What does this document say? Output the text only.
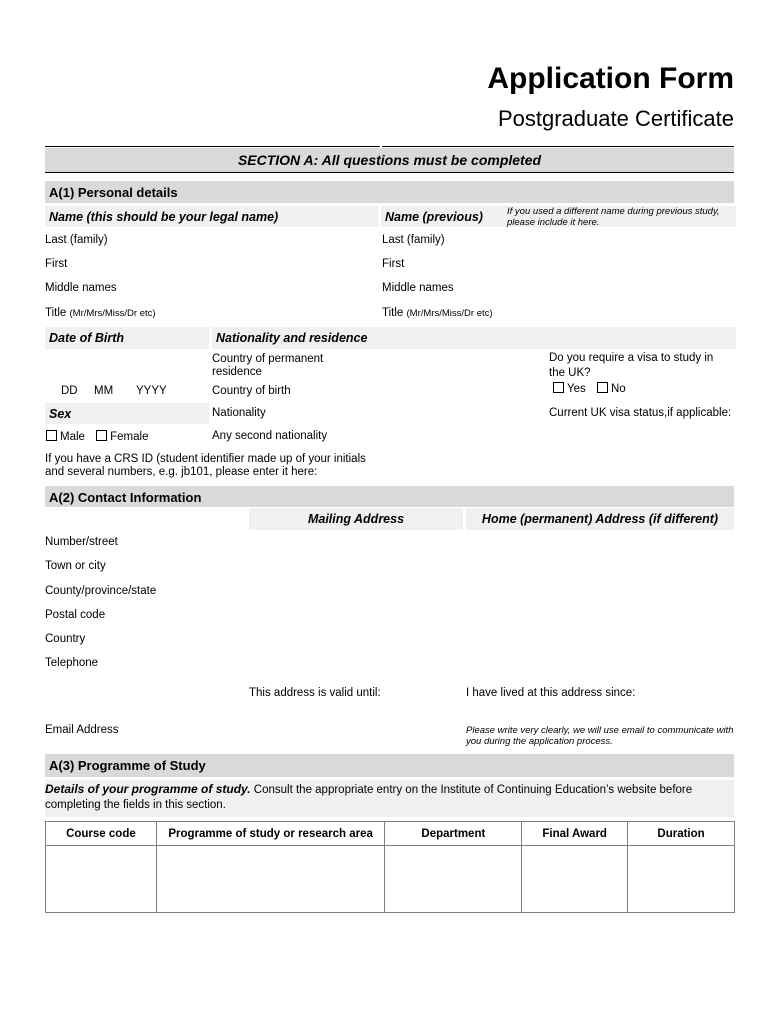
Application Form
Postgraduate Certificate
SECTION A: All questions must be completed
A(1) Personal details
Name (this should be your legal name)	Name (previous)	If you used a different name during previous study, please include it here.
Last (family)	Last (family)
First	First
Middle names	Middle names
Title (Mr/Mrs/Miss/Dr etc)	Title (Mr/Mrs/Miss/Dr etc)
Date of Birth	Nationality and residence
Country of permanent residence
Do you require a visa to study in the UK?
Yes No
DD MM YYYY	Country of birth
Sex	Nationality	Current UK visa status,if applicable:
Male Female	Any second nationality
If you have a CRS ID (student identifier made up of your initials and several numbers, e.g. jb101, please enter it here:
A(2) Contact Information
Mailing Address	Home (permanent) Address (if different)
Number/street
Town or city
County/province/state
Postal code
Country
Telephone
This address is valid until:	I have lived at this address since:
Email Address	Please write very clearly, we will use email to communicate with you during the application process.
A(3) Programme of Study
Details of your programme of study. Consult the appropriate entry on the Institute of Continuing Education’s website before completing the fields in this section.
Course code	Programme of study or research area	Department	Final Award	Duration
